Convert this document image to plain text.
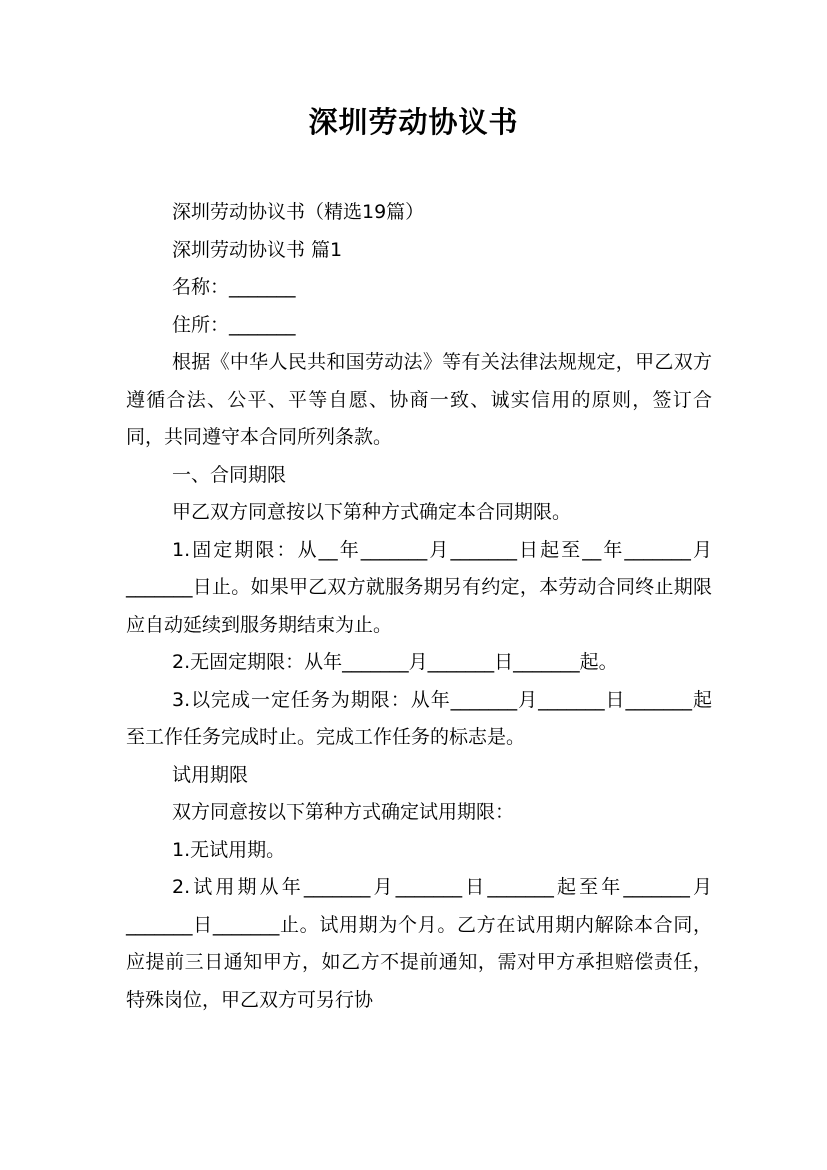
深圳劳动协议书

深圳劳动协议书（精选19篇）

深圳劳动协议书 篇1

名称：_______

住所：_______

根据《中华人民共和国劳动法》等有关法律法规规定，甲乙双方遵循合法、公平、平等自愿、协商一致、诚实信用的原则，签订合同，共同遵守本合同所列条款。

一、合同期限

甲乙双方同意按以下第种方式确定本合同期限。

1.固定期限：从__年_______月_______日起至__年_______月_______日止。如果甲乙双方就服务期另有约定，本劳动合同终止期限应自动延续到服务期结束为止。

2.无固定期限：从年_______月_______日_______起。

3.以完成一定任务为期限：从年_______月_______日_______起至工作任务完成时止。完成工作任务的标志是。

试用期限

双方同意按以下第种方式确定试用期限：

1.无试用期。

2.试用期从年_______月_______日_______起至年_______月_______日_______止。试用期为个月。乙方在试用期内解除本合同，应提前三日通知甲方，如乙方不提前通知，需对甲方承担赔偿责任，特殊岗位，甲乙双方可另行协
